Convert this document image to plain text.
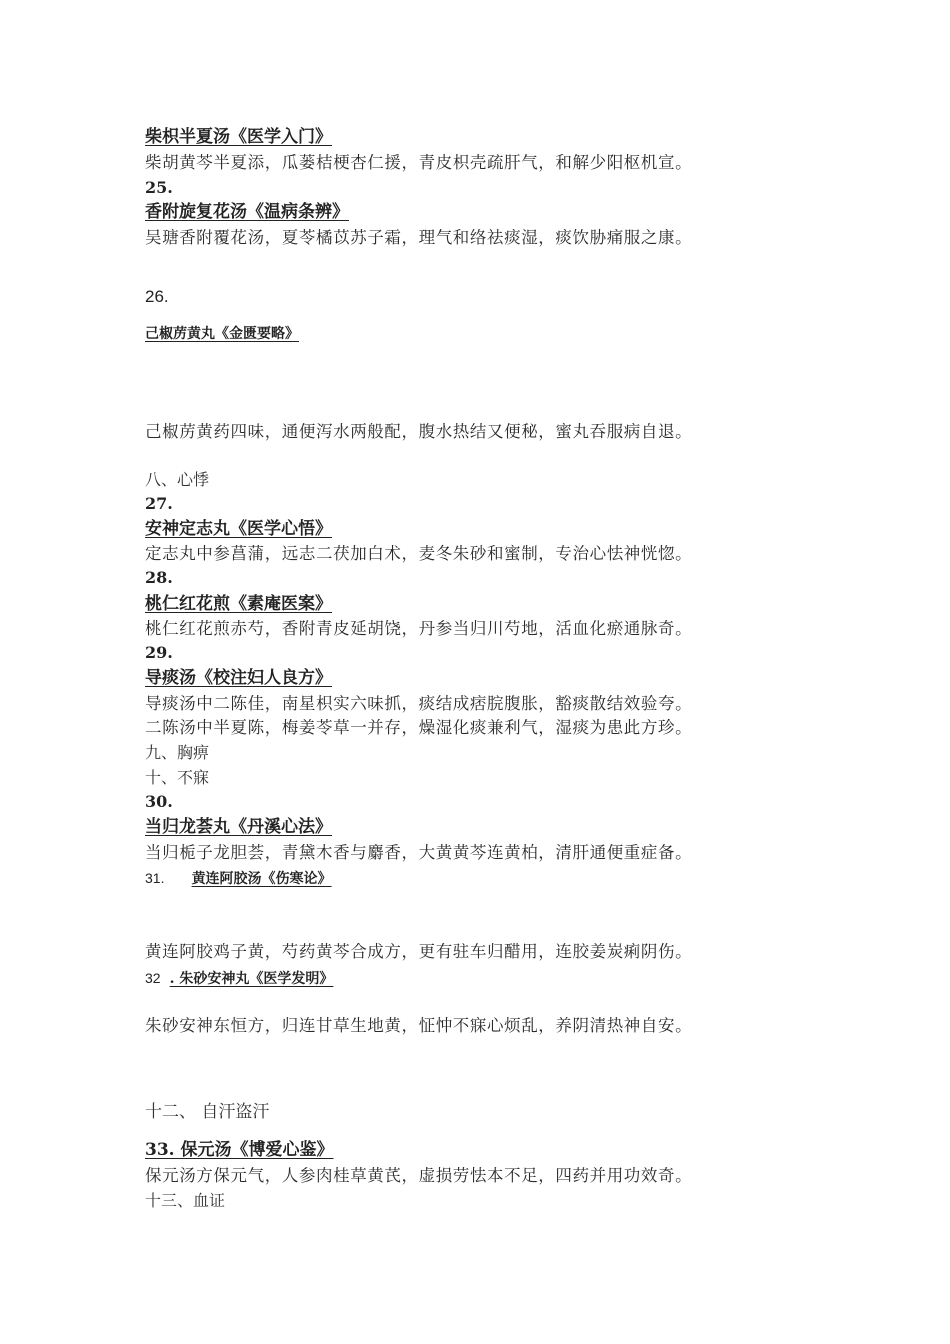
柴枳半夏汤《医学入门》
柴胡黄芩半夏添，瓜蒌桔梗杏仁援，青皮枳壳疏肝气，和解少阳枢机宣。
25.
香附旋复花汤《温病条辨》
吴瑭香附覆花汤，夏苓橘苡苏子霜，理气和络祛痰湿，痰饮胁痛服之康。
26.
己椒苈黄丸《金匮要略》
己椒苈黄药四味，通便泻水两般配，腹水热结又便秘，蜜丸吞服病自退。
八、心悸
27.
安神定志丸《医学心悟》
定志丸中参菖蒲，远志二茯加白术，麦冬朱砂和蜜制，专治心怯神恍惚。
28.
桃仁红花煎《素庵医案》
桃仁红花煎赤芍，香附青皮延胡饶，丹参当归川芍地，活血化瘀通脉奇。
29.
导痰汤《校注妇人良方》
导痰汤中二陈佳，南星枳实六味抓，痰结成痞脘腹胀，豁痰散结效验夸。
二陈汤中半夏陈，梅姜苓草一并存，燥湿化痰兼利气，湿痰为患此方珍。
九、胸痹
十、不寐
30.
当归龙荟丸《丹溪心法》
当归栀子龙胆荟，青黛木香与麝香，大黄黄芩连黄柏，清肝通便重症备。
31. 黄连阿胶汤《伤寒论》
黄连阿胶鸡子黄，芍药黄芩合成方，更有驻车归醋用，连胶姜炭痢阴伤。
32 . 朱砂安神丸《医学发明》
朱砂安神东恒方，归连甘草生地黄，怔忡不寐心烦乱，养阴清热神自安。
十二、 自汗盗汗
33. 保元汤《博爱心鉴》
保元汤方保元气，人参肉桂草黄芪，虚损劳怯本不足，四药并用功效奇。
十三、血证
